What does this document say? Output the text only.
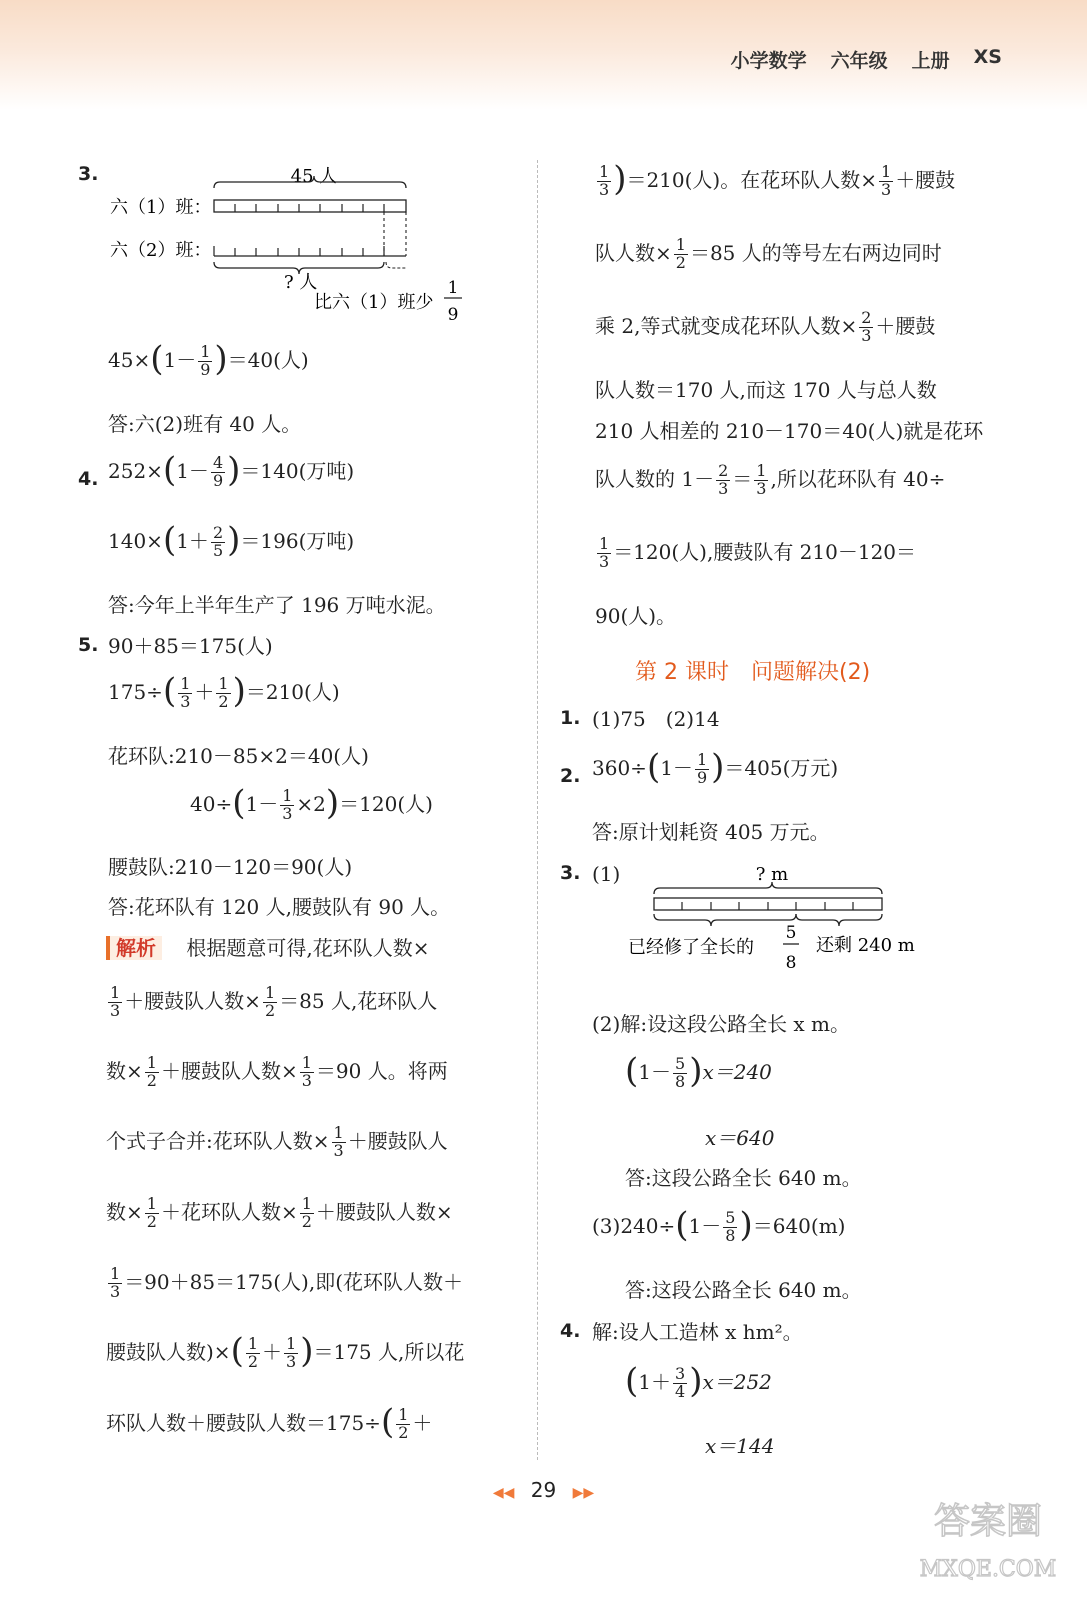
小学数学 六年级 上册 XS
3.	45 人
六（1）班：
六（2）班：
? 人
比六（1）班少
1
9
$45\times(1- \frac{1}{9} )=40$(人)
答:六(2)班有 40 人。
4. $252\times(1- \frac{4}{9} )=140$(万吨)
$140\times(1+ \frac{2}{5} )=196$(万吨)
答:今年上半年生产了 196 万吨水泥。
5. 90＋85＝175(人)
$175\div( \frac{1}{3} + \frac{1}{2} )=210$(人)
花环队:210－85×2＝40(人)
$40\div(1- \frac{1}{3} \times 2)=120$(人)
腰鼓队:210－120＝90(人)
答:花环队有 120 人,腰鼓队有 90 人。
解析 根据题意可得,花环队人数×
$\frac{1}{3}$ ＋腰鼓队人数× $\frac{1}{2} =85$ 人,花环队人
数× $\frac{1}{2}$ ＋腰鼓队人数× $\frac{1}{3} =90$ 人。将两
个式子合并:花环队人数× $\frac{1}{3}$ ＋腰鼓队人
数× $\frac{1}{2}$ ＋花环队人数× $\frac{1}{2}$ ＋腰鼓队人数×
$\frac{1}{3} =90+85=175$(人),即(花环队人数＋
腰鼓队人数)×( $\frac{1}{2} + \frac{1}{3} )=175$ 人,所以花
环队人数＋腰鼓队人数$=175\div( \frac{1}{2}$ ＋
$\frac{1}{3} )=210$(人)。在花环队人数× $\frac{1}{3}$ ＋腰鼓
队人数× $\frac{1}{2} =85$ 人的等号左右两边同时
乘 2,等式就变成花环队人数× $\frac{2}{3}$ ＋腰鼓
队人数＝170 人,而这 170 人与总人数
210 人相差的 210－170＝40(人)就是花环
队人数的 $1- \frac{2}{3} = \frac{1}{3}$ ,所以花环队有 40÷
$\frac{1}{3} =120$(人),腰鼓队有 210－120＝
90(人)。
第 2 课时　问题解决(2)
1. (1)75　(2)14
2. $360\div(1- \frac{1}{9} )=405$(万元)
答:原计划耗资 405 万元。
3. (1)	? m
已经修了全长的
5
8
还剩 240 m
(2)解:设这段公路全长 x m。
$(1- \frac{5}{8} )x=240$
x＝640
答:这段公路全长 640 m。
$(3)240\div(1- \frac{5}{8} )=640(m)$
答:这段公路全长 640 m。
4. 解:设人工造林 x hm²。
$(1+ \frac{3}{4} )x=252$
x＝144
◀◀ 29 ▶▶
答案圈
MXQE.COM
